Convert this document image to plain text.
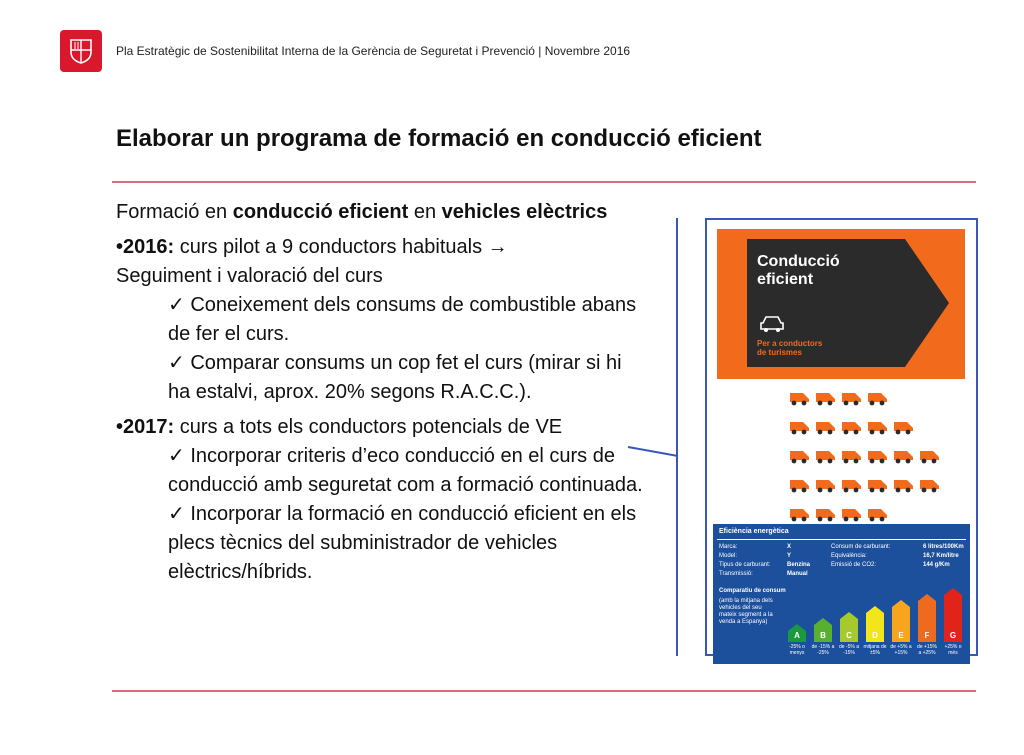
Pla Estratègic de Sostenibilitat Interna de la Gerència de Seguretat i Prevenció | Novembre 2016
Elaborar un programa de formació en conducció eficient

Formació en conducció eficient en vehicles elèctrics

•2016: curs pilot a 9 conductors habituals →

Seguiment i valoració del curs

✓ Coneixement dels consums de combustible abans de fer el curs.

✓ Comparar consums un cop fet el curs (mirar si hi ha estalvi, aprox. 20% segons R.A.C.C.).

•2017: curs a tots els conductors potencials de VE

✓ Incorporar criteris d’eco conducció en el curs de conducció amb seguretat com a formació continuada.

✓ Incorporar la formació en conducció eficient en els plecs tècnics del subministrador de vehicles elèctrics/híbrids.

Conducció
eficient
Per a conductors
de turismes
Eficiència energètica
Marca:	X
Model:	Y
Tipus de carburant:	Benzina
Transmissió:	Manual
Consum de carburant:	6 litres/100Km
Equivalència:	16,7 Km/litre
Emissió de CO2:	144 g/Km
Comparatiu de consum
(amb la mitjana dels vehicles del seu mateix segment a la venda a Espanya)
A	B	C	D	E	F	G
-25% o menys
de -15% a -25%
de -5% a -15%
mitjana de ±5%
de +5% a +15%
de +15% a +25%
+25% o més
